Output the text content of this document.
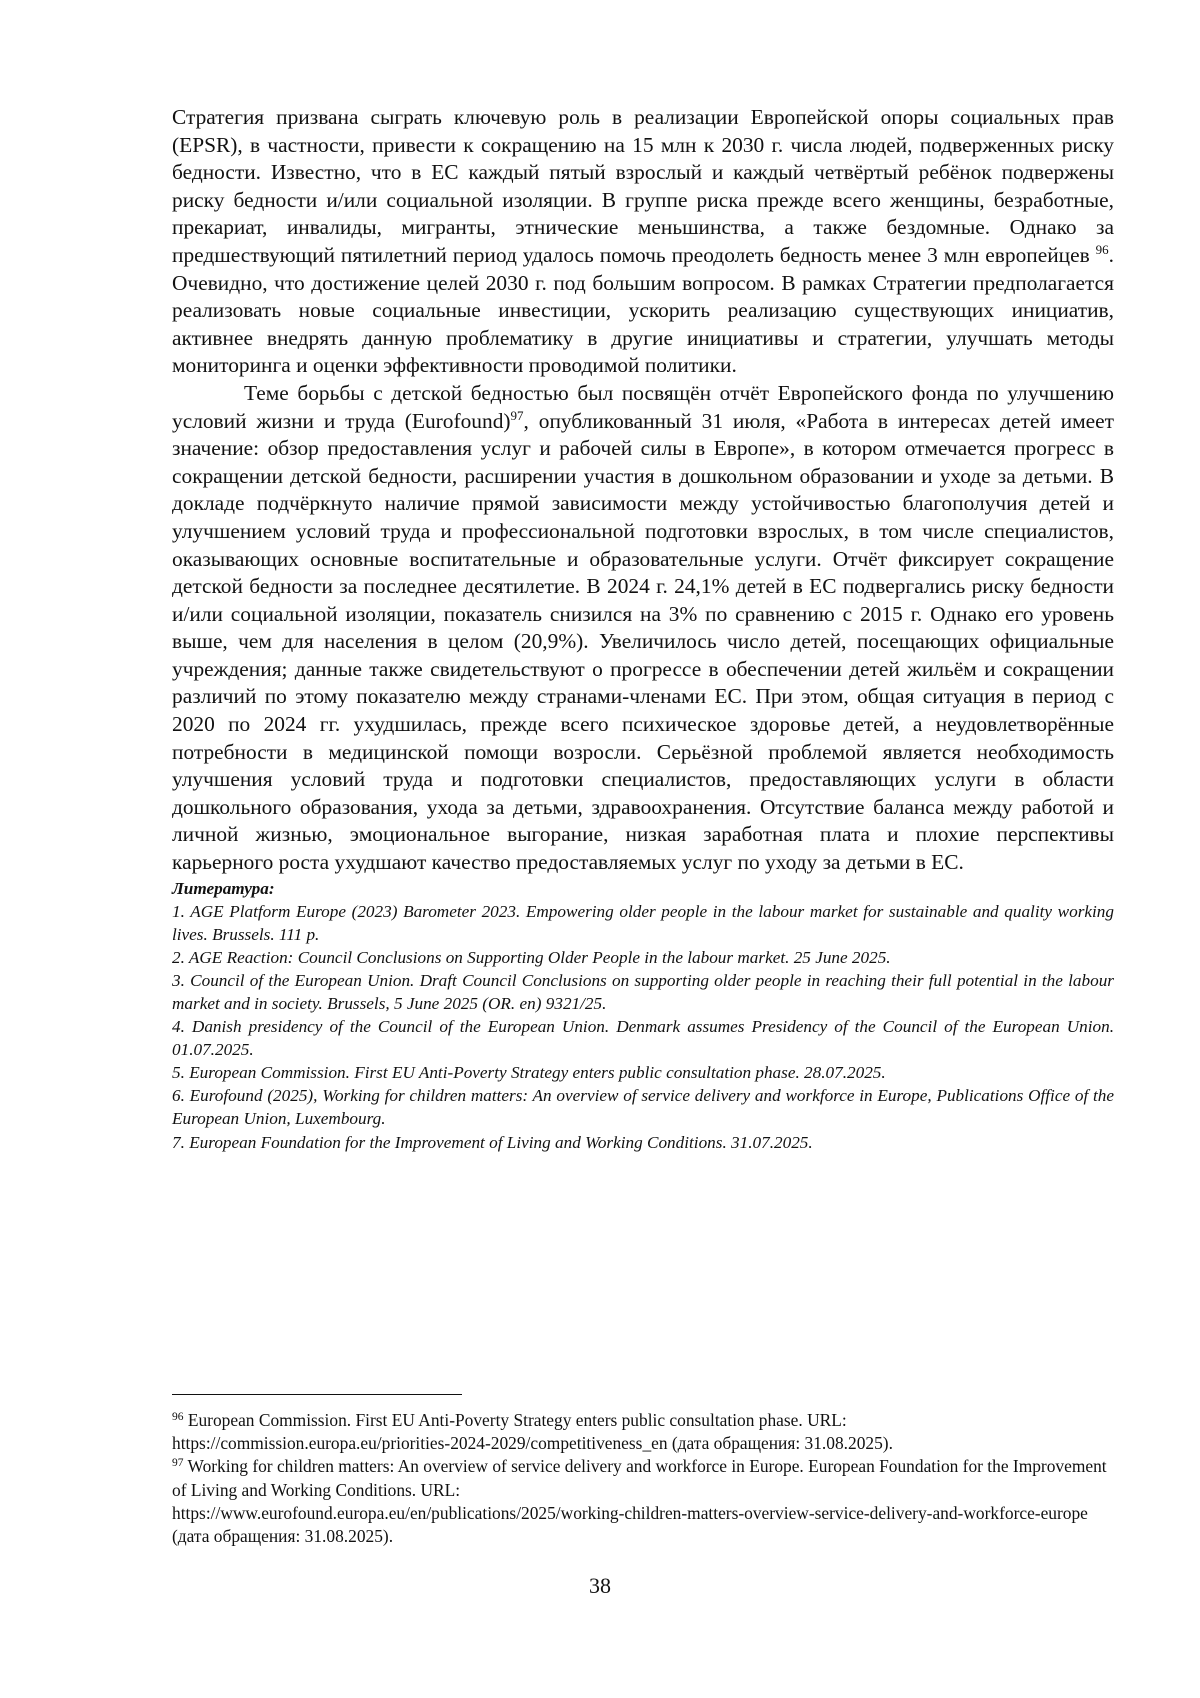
Стратегия призвана сыграть ключевую роль в реализации Европейской опоры социальных прав (EPSR), в частности, привести к сокращению на 15 млн к 2030 г. числа людей, подверженных риску бедности. Известно, что в ЕС каждый пятый взрослый и каждый четвёртый ребёнок подвержены риску бедности и/или социальной изоляции. В группе риска прежде всего женщины, безработные, прекариат, инвалиды, мигранты, этнические меньшинства, а также бездомные. Однако за предшествующий пятилетний период удалось помочь преодолеть бедность менее 3 млн европейцев $^{96}$. Очевидно, что достижение целей 2030 г. под большим вопросом. В рамках Стратегии предполагается реализовать новые социальные инвестиции, ускорить реализацию существующих инициатив, активнее внедрять данную проблематику в другие инициативы и стратегии, улучшать методы мониторинга и оценки эффективности проводимой политики.

Теме борьбы с детской бедностью был посвящён отчёт Европейского фонда по улучшению условий жизни и труда (Eurofound)$^{97}$, опубликованный 31 июля, «Работа в интересах детей имеет значение: обзор предоставления услуг и рабочей силы в Европе», в котором отмечается прогресс в сокращении детской бедности, расширении участия в дошкольном образовании и уходе за детьми. В докладе подчёркнуто наличие прямой зависимости между устойчивостью благополучия детей и улучшением условий труда и профессиональной подготовки взрослых, в том числе специалистов, оказывающих основные воспитательные и образовательные услуги. Отчёт фиксирует сокращение детской бедности за последнее десятилетие. В 2024 г. 24,1% детей в ЕС подвергались риску бедности и/или социальной изоляции, показатель снизился на 3% по сравнению с 2015 г. Однако его уровень выше, чем для населения в целом (20,9%). Увеличилось число детей, посещающих официальные учреждения; данные также свидетельствуют о прогрессе в обеспечении детей жильём и сокращении различий по этому показателю между странами-членами ЕС. При этом, общая ситуация в период с 2020 по 2024 гг. ухудшилась, прежде всего психическое здоровье детей, а неудовлетворённые потребности в медицинской помощи возросли. Серьёзной проблемой является необходимость улучшения условий труда и подготовки специалистов, предоставляющих услуги в области дошкольного образования, ухода за детьми, здравоохранения. Отсутствие баланса между работой и личной жизнью, эмоциональное выгорание, низкая заработная плата и плохие перспективы карьерного роста ухудшают качество предоставляемых услуг по уходу за детьми в ЕС.

Литература:

1. AGE Platform Europe (2023) Barometer 2023. Empowering older people in the labour market for sustainable and quality working lives. Brussels. 111 p.

2. AGE Reaction: Council Conclusions on Supporting Older People in the labour market. 25 June 2025.

3. Council of the European Union. Draft Council Conclusions on supporting older people in reaching their full potential in the labour market and in society. Brussels, 5 June 2025 (OR. en) 9321/25.

4. Danish presidency of the Council of the European Union. Denmark assumes Presidency of the Council of the European Union. 01.07.2025.

5. European Commission. First EU Anti-Poverty Strategy enters public consultation phase. 28.07.2025.

6. Eurofound (2025), Working for children matters: An overview of service delivery and workforce in Europe, Publications Office of the European Union, Luxembourg.

7. European Foundation for the Improvement of Living and Working Conditions. 31.07.2025.

$^{96}$ European Commission. First EU Anti-Poverty Strategy enters public consultation phase. URL:
https://commission.europa.eu/priorities-2024-2029/competitiveness_en (дата обращения: 31.08.2025).

$^{97}$ Working for children matters: An overview of service delivery and workforce in Europe. European Foundation for the Improvement of Living and Working Conditions. URL:
https://www.eurofound.europa.eu/en/publications/2025/working-children-matters-overview-service-delivery-and-workforce-europe (дата обращения: 31.08.2025).

38
